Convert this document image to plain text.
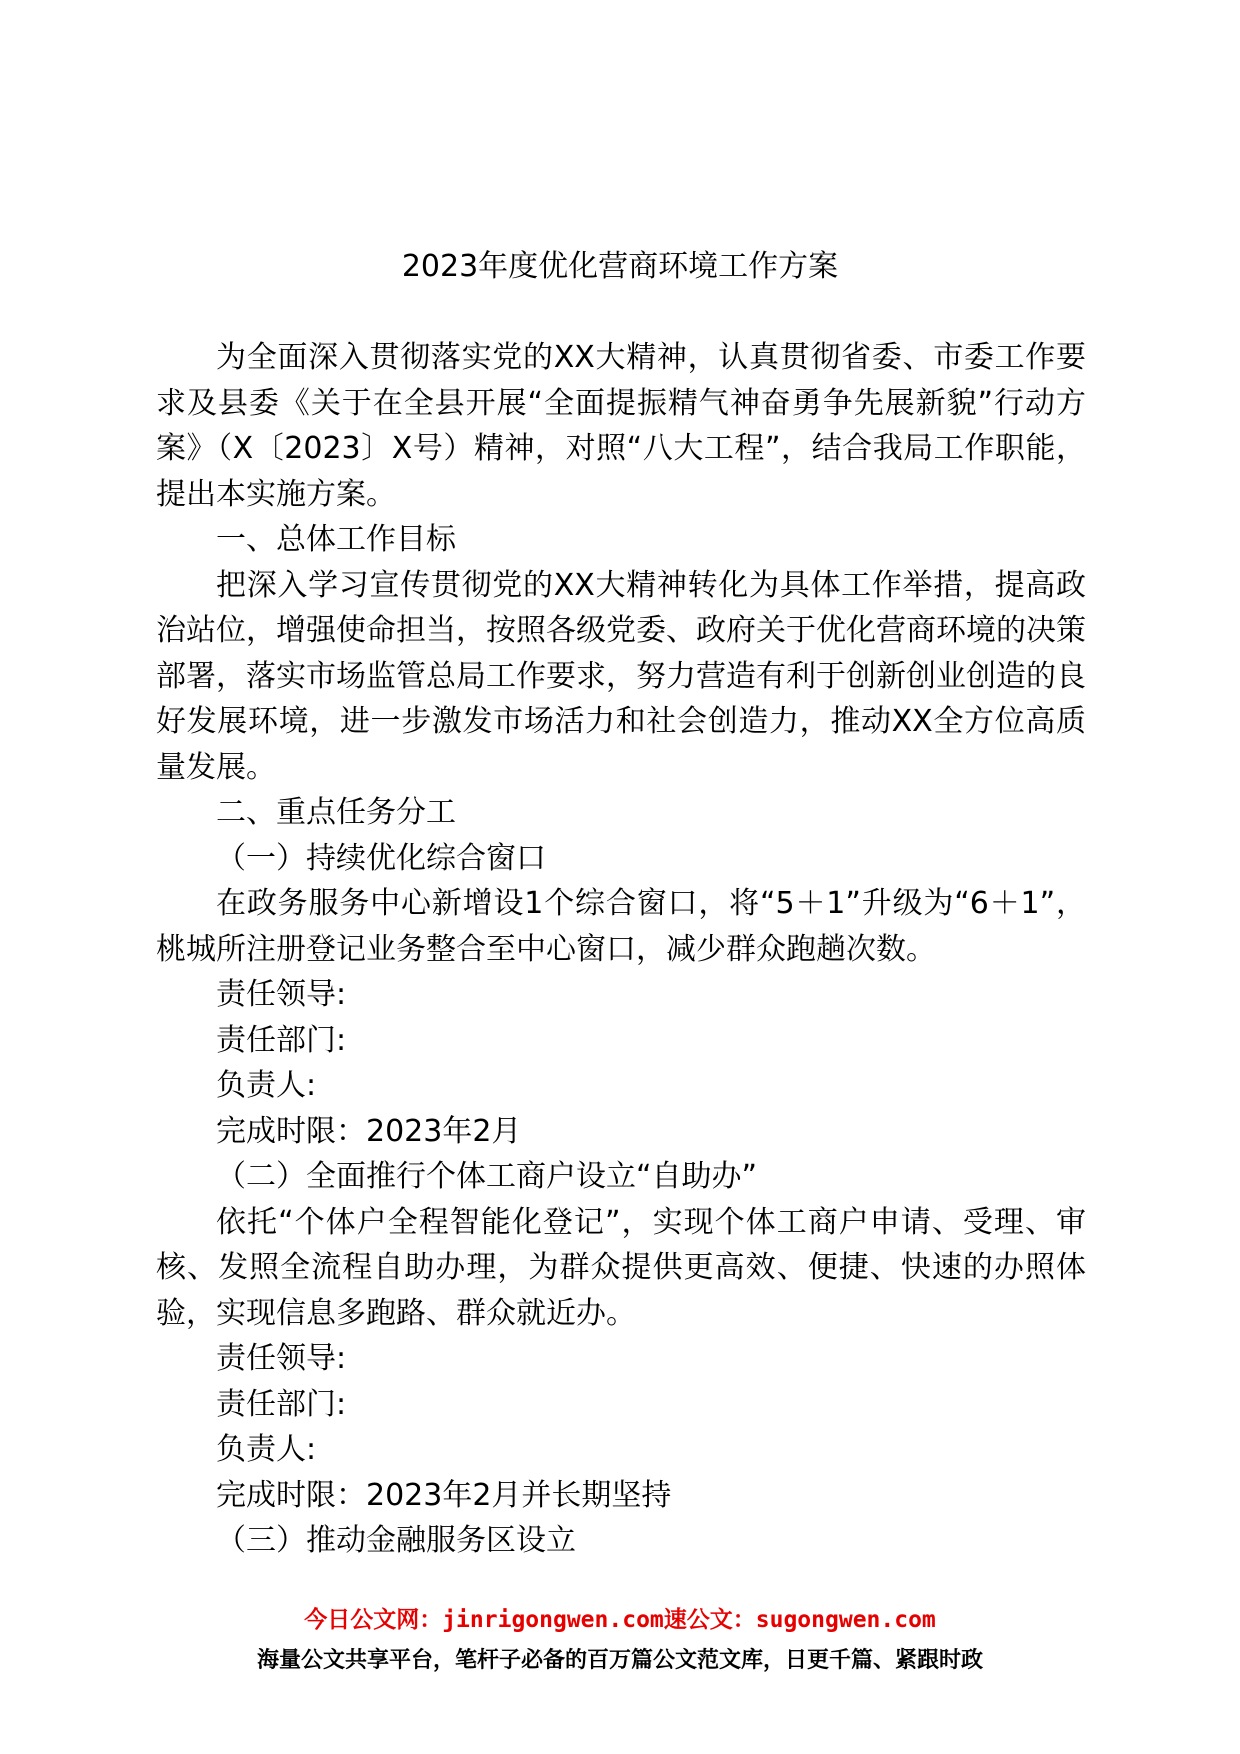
2023年度优化营商环境工作方案

为全面深入贯彻落实党的XX大精神，认真贯彻省委、市委工作要求及县委《关于在全县开展“全面提振精气神奋勇争先展新貌”行动方案》（X〔2023〕X号）精神，对照“八大工程”，结合我局工作职能，提出本实施方案。

一、总体工作目标

把深入学习宣传贯彻党的XX大精神转化为具体工作举措，提高政治站位，增强使命担当，按照各级党委、政府关于优化营商环境的决策部署，落实市场监管总局工作要求，努力营造有利于创新创业创造的良好发展环境，进一步激发市场活力和社会创造力，推动XX全方位高质量发展。

二、重点任务分工

（一）持续优化综合窗口

在政务服务中心新增设1个综合窗口，将“5＋1”升级为“6＋1”，桃城所注册登记业务整合至中心窗口，减少群众跑趟次数。

责任领导:

责任部门:

负责人:

完成时限：2023年2月

（二）全面推行个体工商户设立“自助办”

依托“个体户全程智能化登记”，实现个体工商户申请、受理、审核、发照全流程自助办理，为群众提供更高效、便捷、快速的办照体验，实现信息多跑路、群众就近办。

责任领导:

责任部门:

负责人:

完成时限：2023年2月并长期坚持

（三）推动金融服务区设立

今日公文网：jinrigongwen.com速公文：sugongwen.com
海量公文共享平台，笔杆子必备的百万篇公文范文库，日更千篇、紧跟时政
